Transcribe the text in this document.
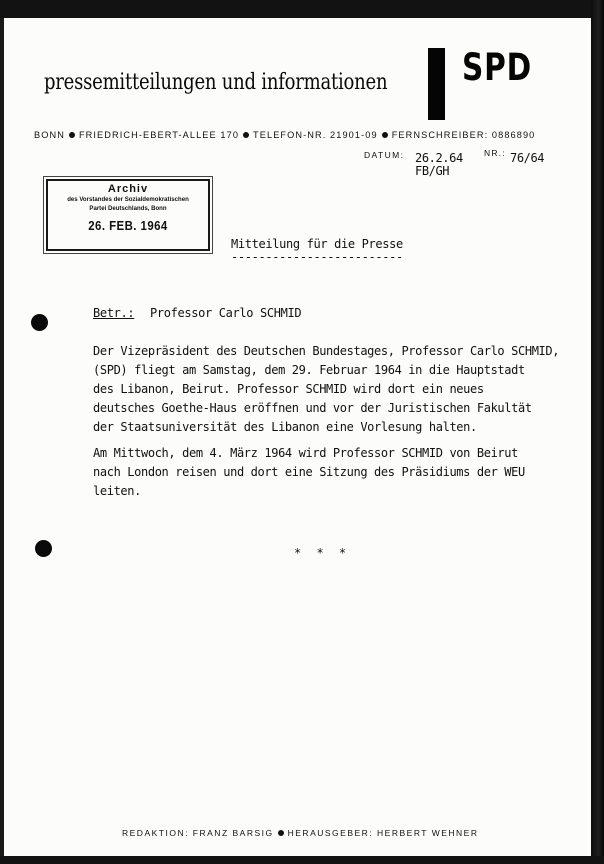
pressemitteilungen und informationen SPD
BONN FRIEDRICH-EBERT-ALLEE 170 TELEFON-NR. 21901-09 FERNSCHREIBER: 0886890
DATUM: 26.2.64 NR.: 76/64
FB/GH
Archiv
des Vorstandes der Sozialdemokratischen
Partei Deutschlands, Bonn
26. FEB. 1964
Mitteilung für die Presse
-------------------------
Betr.: Professor Carlo SCHMID
Der Vizepräsident des Deutschen Bundestages, Professor Carlo SCHMID,
(SPD) fliegt am Samstag, dem 29. Februar 1964 in die Hauptstadt
des Libanon, Beirut. Professor SCHMID wird dort ein neues
deutsches Goethe-Haus eröffnen und vor der Juristischen Fakultät
der Staatsuniversität des Libanon eine Vorlesung halten.
Am Mittwoch, dem 4. März 1964 wird Professor SCHMID von Beirut
nach London reisen und dort eine Sitzung des Präsidiums der WEU
leiten.
* * *
REDAKTION: FRANZ BARSIG HERAUSGEBER: HERBERT WEHNER
